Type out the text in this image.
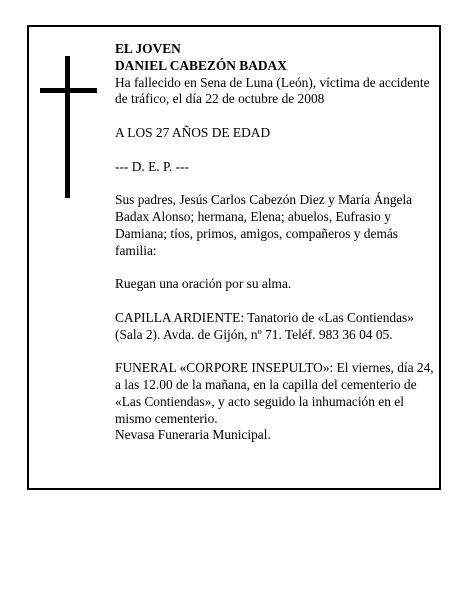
EL JOVEN

DANIEL CABEZÓN BADAX

Ha fallecido en Sena de Luna (León), víctima de accidente de tráfico, el día 22 de octubre de 2008

A LOS 27 AÑOS DE EDAD

--- D. E. P. ---

Sus padres, Jesús Carlos Cabezón Diez y María Ángela Badax Alonso; hermana, Elena; abuelos, Eufrasio y Damiana; tíos, primos, amigos, compañeros y demás familia:

Ruegan una oración por su alma.

CAPILLA ARDIENTE: Tanatorio de «Las Contiendas» (Sala 2). Avda. de Gijón, nº 71. Teléf. 983 36 04 05.

FUNERAL «CORPORE INSEPULTO»: El viernes, día 24, a las 12.00 de la mañana, en la capilla del cementerio de «Las Contiendas», y acto seguido la inhumación en el mismo cementerio.

Nevasa Funeraria Municipal.
